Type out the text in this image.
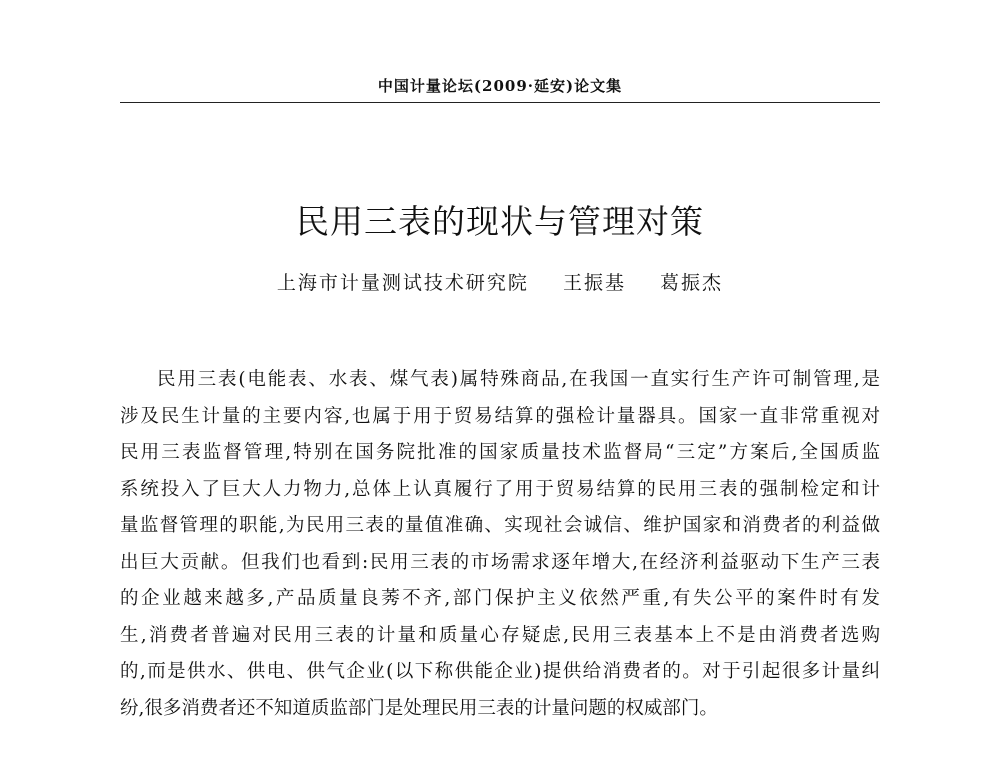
中国计量论坛(2009·延安)论文集
民用三表的现状与管理对策
上海市计量测试技术研究院 王振基 葛振杰
民用三表(电能表、水表、煤气表)属特殊商品,在我国一直实行生产许可制管理,是
涉及民生计量的主要内容,也属于用于贸易结算的强检计量器具。国家一直非常重视对
民用三表监督管理,特别在国务院批准的国家质量技术监督局“三定”方案后,全国质监
系统投入了巨大人力物力,总体上认真履行了用于贸易结算的民用三表的强制检定和计
量监督管理的职能,为民用三表的量值准确、实现社会诚信、维护国家和消费者的利益做
出巨大贡献。但我们也看到:民用三表的市场需求逐年增大,在经济利益驱动下生产三表
的企业越来越多,产品质量良莠不齐,部门保护主义依然严重,有失公平的案件时有发
生,消费者普遍对民用三表的计量和质量心存疑虑,民用三表基本上不是由消费者选购
的,而是供水、供电、供气企业(以下称供能企业)提供给消费者的。对于引起很多计量纠
纷,很多消费者还不知道质监部门是处理民用三表的计量问题的权威部门。
